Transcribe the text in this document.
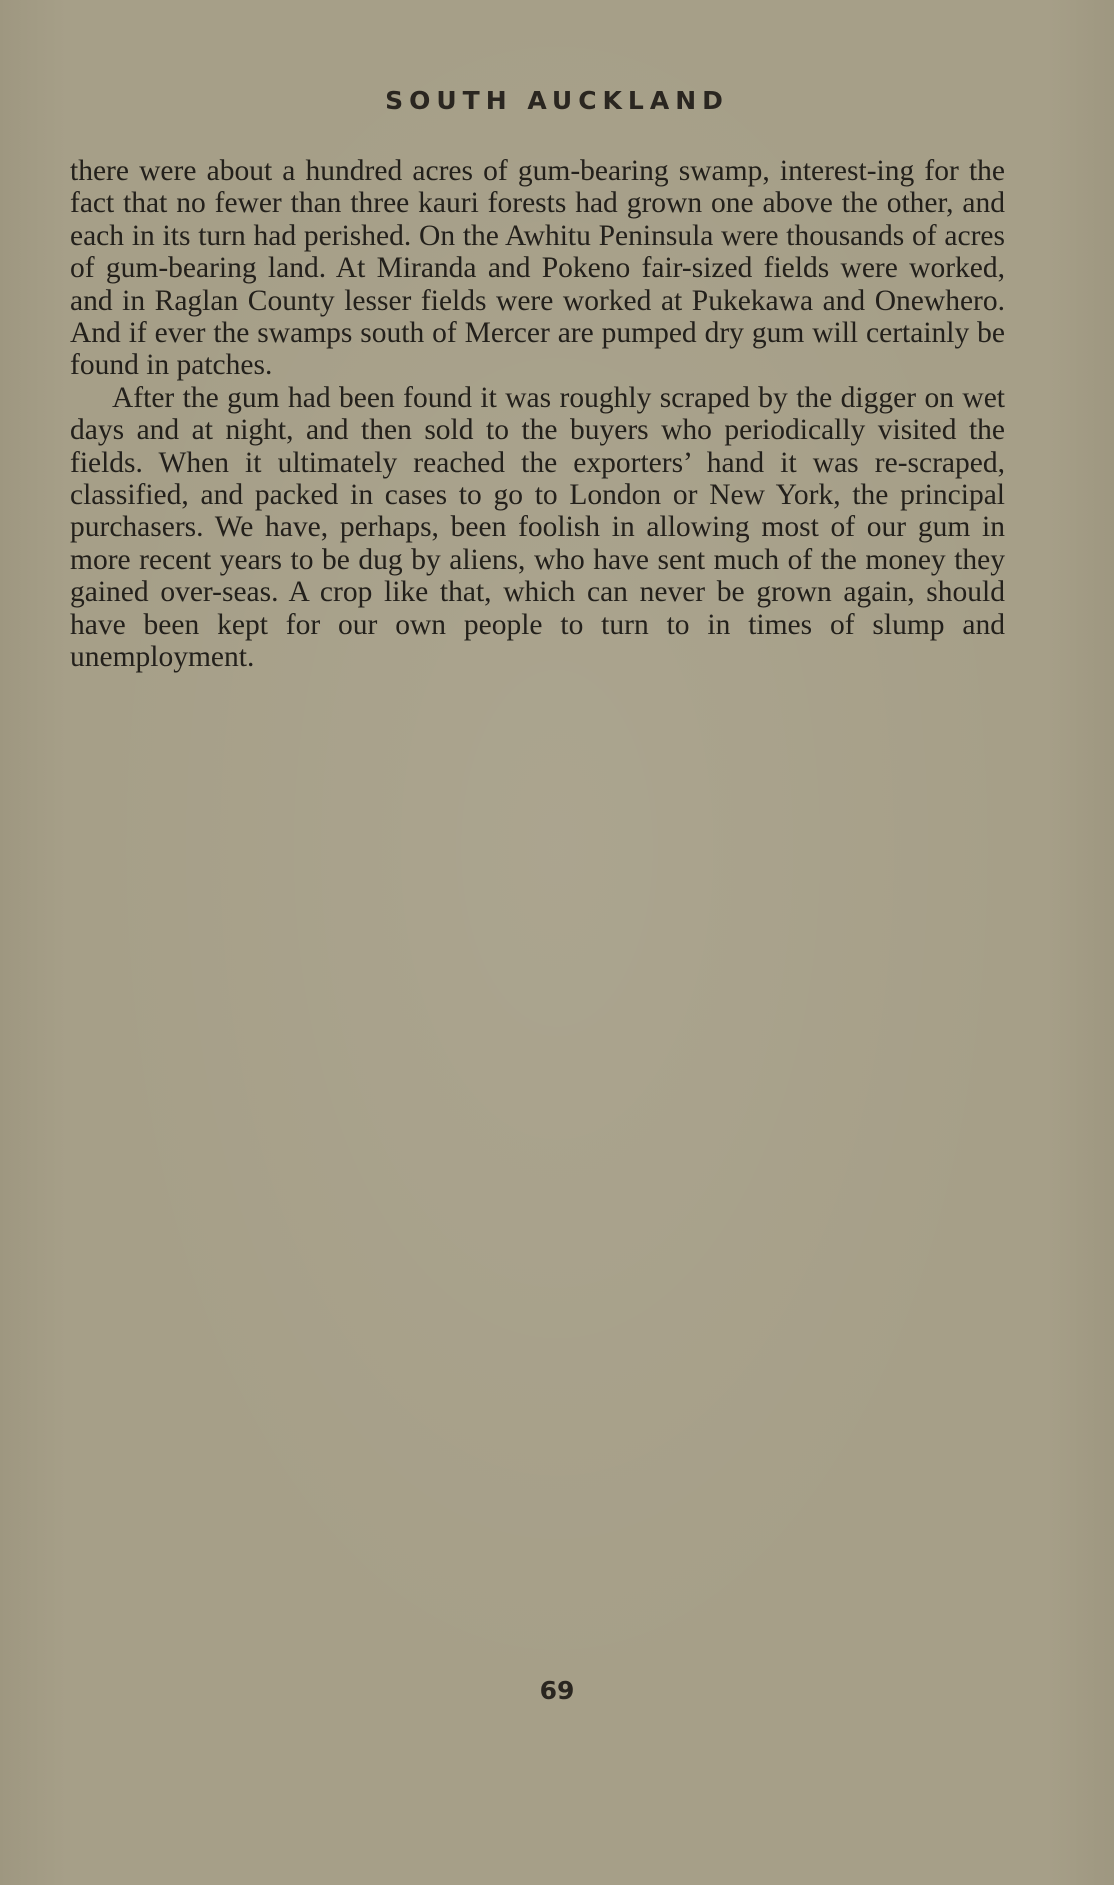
SOUTH AUCKLAND

there were about a hundred acres of gum-bearing swamp, interest-ing for the fact that no fewer than three kauri forests had grown one above the other, and each in its turn had perished. On the Awhitu Peninsula were thousands of acres of gum-bearing land. At Miranda and Pokeno fair-sized fields were worked, and in Raglan County lesser fields were worked at Pukekawa and Onewhero. And if ever the swamps south of Mercer are pumped dry gum will certainly be found in patches.

After the gum had been found it was roughly scraped by the digger on wet days and at night, and then sold to the buyers who periodically visited the fields. When it ultimately reached the exporters’ hand it was re-scraped, classified, and packed in cases to go to London or New York, the principal purchasers. We have, perhaps, been foolish in allowing most of our gum in more recent years to be dug by aliens, who have sent much of the money they gained over-seas. A crop like that, which can never be grown again, should have been kept for our own people to turn to in times of slump and unemployment.

69
